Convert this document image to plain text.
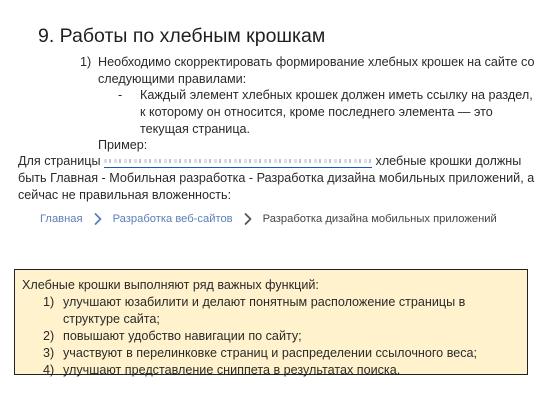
9. Работы по хлебным крошкам
1) Необходимо скорректировать формирование хлебных крошек на сайте со следующими правилами:
- Каждый элемент хлебных крошек должен иметь ссылку на раздел, к которому он относится, кроме последнего элемента — это текущая страница.
Пример:
Для страницы	хлебные крошки должны быть Главная - Мобильная разработка - Разработка дизайна мобильных приложений, а сейчас не правильная вложенность:
Главная	Разработка веб-сайтов	Разработка дизайна мобильных приложений
Хлебные крошки выполняют ряд важных функций:
1) улучшают юзабилити и делают понятным расположение страницы в структуре сайта;
2) повышают удобство навигации по сайту;
3) участвуют в перелинковке страниц и распределении ссылочного веса;
4) улучшают представление сниппета в результатах поиска.
